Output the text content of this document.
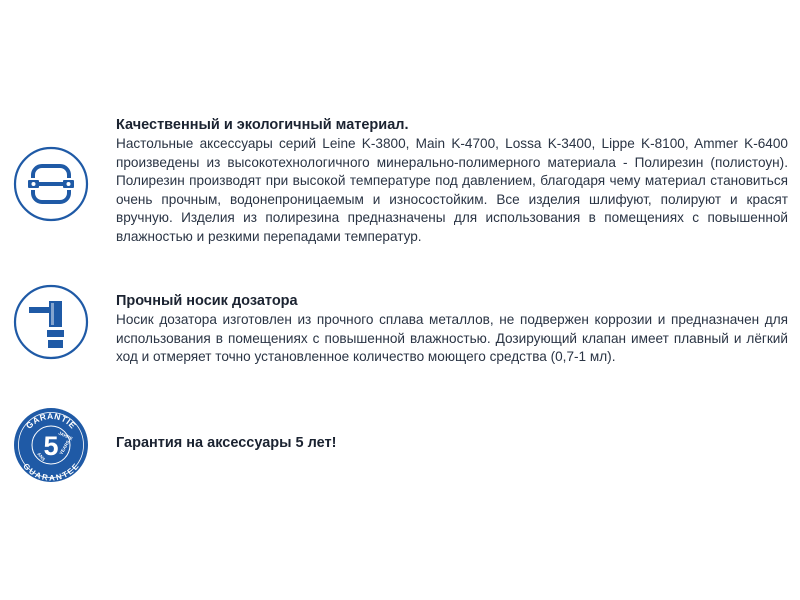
Качественный и экологичный материал.

Настольные аксессуары серий Leine K-3800, Main K-4700, Lossa K-3400, Lippe K-8100, Ammer K-6400 произведены из высокотехнологичного минерально-полимерного материала - Полирезин (полистоун). Полирезин производят при высокой температуре под давлением, благодаря чему материал становиться очень прочным, водонепроницаемым и износостойким. Все изделия шлифуют, полируют и красят вручную. Изделия из полирезина предназначены для использования в помещениях с повышенной влажностью и резкими перепадами температур.

Прочный носик дозатора

Носик дозатора изготовлен из прочного сплава металлов, не подвержен коррозии и предназначен для использования в помещениях с повышенной влажностью. Дозирующий клапан имеет плавный и лёгкий ход и отмеряет точно установленное количество моющего средства (0,7-1 мл).

GARANTIE
GUARANTEE
5 JAHRE
YEARS
ANS

Гарантия на аксессуары 5 лет!
